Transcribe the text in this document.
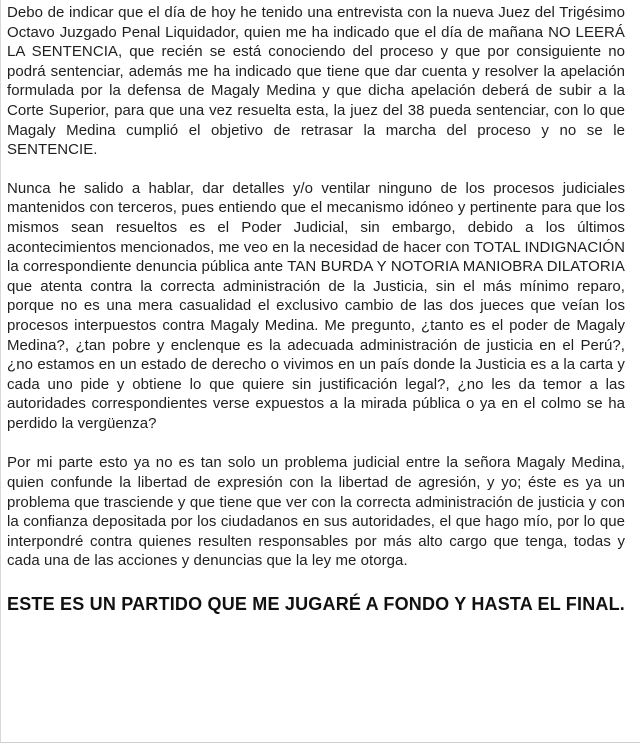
Debo de indicar que el día de hoy he tenido una entrevista con la nueva Juez del Trigésimo Octavo Juzgado Penal Liquidador, quien me ha indicado que el día de mañana NO LEERÁ LA SENTENCIA, que recién se está conociendo del proceso y que por consiguiente no podrá sentenciar, además me ha indicado que tiene que dar cuenta y resolver la apelación formulada por la defensa de Magaly Medina y que dicha apelación deberá de subir a la Corte Superior, para que una vez resuelta esta, la juez del 38 pueda sentenciar, con lo que Magaly Medina cumplió el objetivo de retrasar la marcha del proceso y no se le SENTENCIE.

Nunca he salido a hablar, dar detalles y/o ventilar ninguno de los procesos judiciales mantenidos con terceros, pues entiendo que el mecanismo idóneo y pertinente para que los mismos sean resueltos es el Poder Judicial, sin embargo, debido a los últimos acontecimientos mencionados, me veo en la necesidad de hacer con TOTAL INDIGNACIÓN la correspondiente denuncia pública ante TAN BURDA Y NOTORIA MANIOBRA DILATORIA que atenta contra la correcta administración de la Justicia, sin el más mínimo reparo, porque no es una mera casualidad el exclusivo cambio de las dos jueces que veían los procesos interpuestos contra Magaly Medina. Me pregunto, ¿tanto es el poder de Magaly Medina?, ¿tan pobre y enclenque es la adecuada administración de justicia en el Perú?, ¿no estamos en un estado de derecho o vivimos en un país donde la Justicia es a la carta y cada uno pide y obtiene lo que quiere sin justificación legal?, ¿no les da temor a las autoridades correspondientes verse expuestos a la mirada pública o ya en el colmo se ha perdido la vergüenza?

Por mi parte esto ya no es tan solo un problema judicial entre la señora Magaly Medina, quien confunde la libertad de expresión con la libertad de agresión, y yo; éste es ya un problema que trasciende y que tiene que ver con la correcta administración de justicia y con la confianza depositada por los ciudadanos en sus autoridades, el que hago mío, por lo que interpondré contra quienes resulten responsables por más alto cargo que tenga, todas y cada una de las acciones y denuncias que la ley me otorga.

ESTE ES UN PARTIDO QUE ME JUGARÉ A FONDO Y HASTA EL FINAL.
